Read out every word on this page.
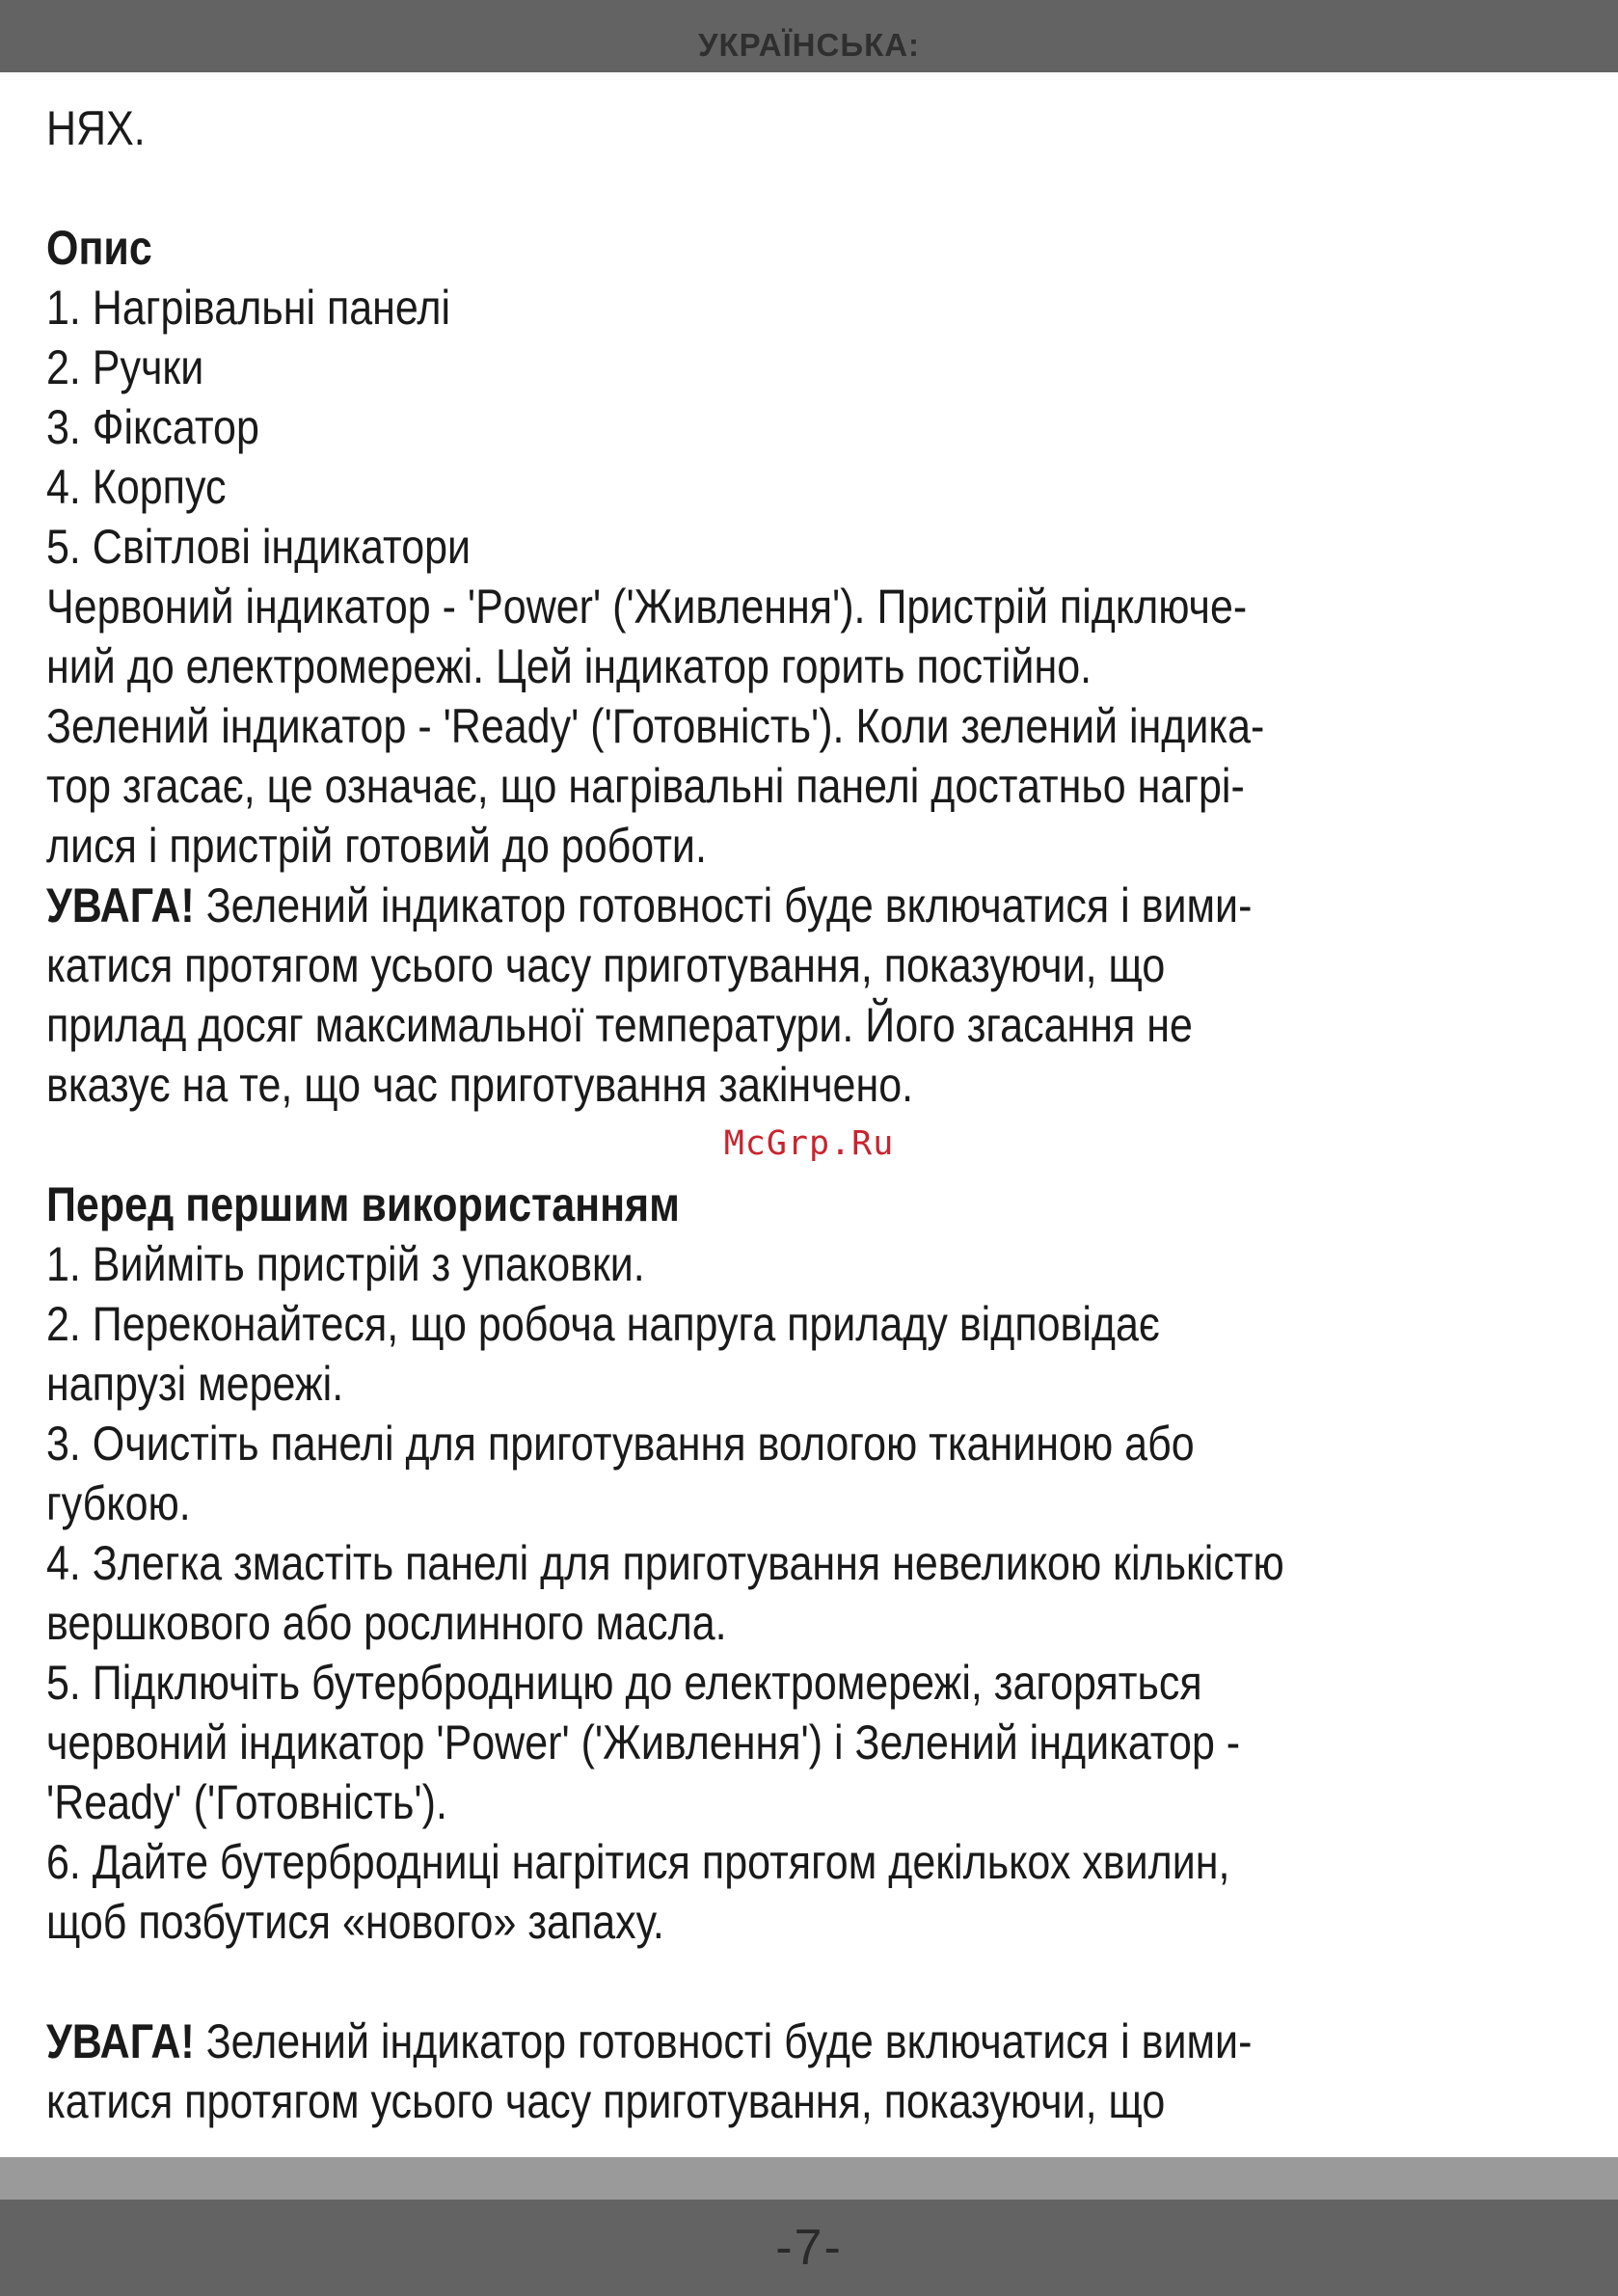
УКРАЇНСЬКА:
НЯХ.
Опис
1. Нагрівальні панелі
2. Ручки
3. Фіксатор
4. Корпус
5. Світлові індикатори
Червоний індикатор - 'Power' ('Живлення'). Пристрій підключе-
ний до електромережі. Цей індикатор горить постійно.
Зелений індикатор - 'Ready' ('Готовність'). Коли зелений індика-
тор згасає, це означає, що нагрівальні панелі достатньо нагрі-
лися і пристрій готовий до роботи.
УВАГА! Зелений індикатор готовності буде включатися і вими-
катися протягом усього часу приготування, показуючи, що
прилад досяг максимальної температури. Його згасання не
вказує на те, що час приготування закінчено.
Перед першим використанням
1. Вийміть пристрій з упаковки.
2. Переконайтеся, що робоча напруга приладу відповідає
напрузі мережі.
3. Очистіть панелі для приготування вологою тканиною або
губкою.
4. Злегка змастіть панелі для приготування невеликою кількістю
вершкового або рослинного масла.
5. Підключіть бутербродницю до електромережі, загоряться
червоний індикатор 'Power' ('Живлення') і Зелений індикатор -
'Ready' ('Готовність').
6. Дайте бутербродниці нагрітися протягом декількох хвилин,
щоб позбутися «нового» запаху.
УВАГА! Зелений індикатор готовності буде включатися і вими-
катися протягом усього часу приготування, показуючи, що
McGrp.Ru
-7-
